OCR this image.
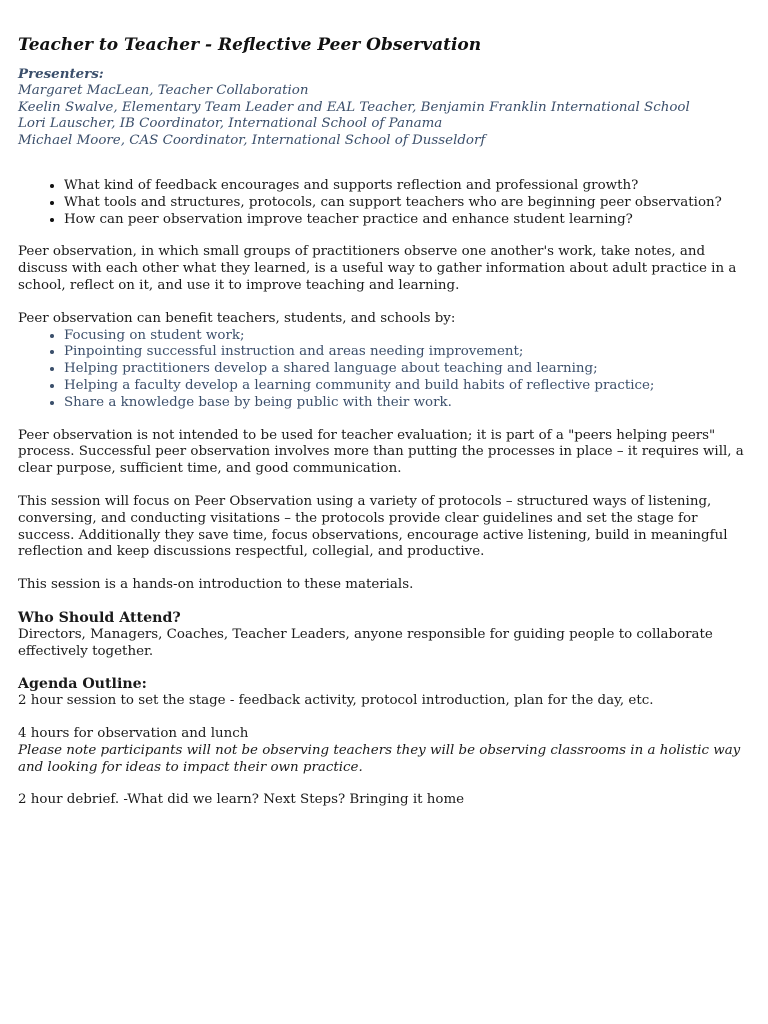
Teacher to Teacher - Reflective Peer Observation

Presenters:

Margaret MacLean, Teacher Collaboration

Keelin Swalve, Elementary Team Leader and EAL Teacher, Benjamin Franklin International School

Lori Lauscher, IB Coordinator, International School of Panama

Michael Moore, CAS Coordinator, International School of Dusseldorf

• What kind of feedback encourages and supports reflection and professional growth?
• What tools and structures, protocols, can support teachers who are beginning peer observation?
• How can peer observation improve teacher practice and enhance student learning?

Peer observation, in which small groups of practitioners observe one another's work, take notes, and discuss with each other what they learned, is a useful way to gather information about adult practice in a school, reflect on it, and use it to improve teaching and learning.

Peer observation can benefit teachers, students, and schools by:

• Focusing on student work;
• Pinpointing successful instruction and areas needing improvement;
• Helping practitioners develop a shared language about teaching and learning;
• Helping a faculty develop a learning community and build habits of reflective practice;
• Share a knowledge base by being public with their work.

Peer observation is not intended to be used for teacher evaluation; it is part of a "peers helping peers" process. Successful peer observation involves more than putting the processes in place – it requires will, a clear purpose, sufficient time, and good communication.

This session will focus on Peer Observation using a variety of protocols – structured ways of listening, conversing, and conducting visitations – the protocols provide clear guidelines and set the stage for success. Additionally they save time, focus observations, encourage active listening, build in meaningful reflection and keep discussions respectful, collegial, and productive.

This session is a hands-on introduction to these materials.

Who Should Attend?

Directors, Managers, Coaches, Teacher Leaders, anyone responsible for guiding people to collaborate effectively together.

Agenda Outline:

2 hour session to set the stage - feedback activity, protocol introduction, plan for the day, etc.

4 hours for observation and lunch

Please note participants will not be observing teachers they will be observing classrooms in a holistic way and looking for ideas to impact their own practice.

2 hour debrief. -What did we learn? Next Steps? Bringing it home
